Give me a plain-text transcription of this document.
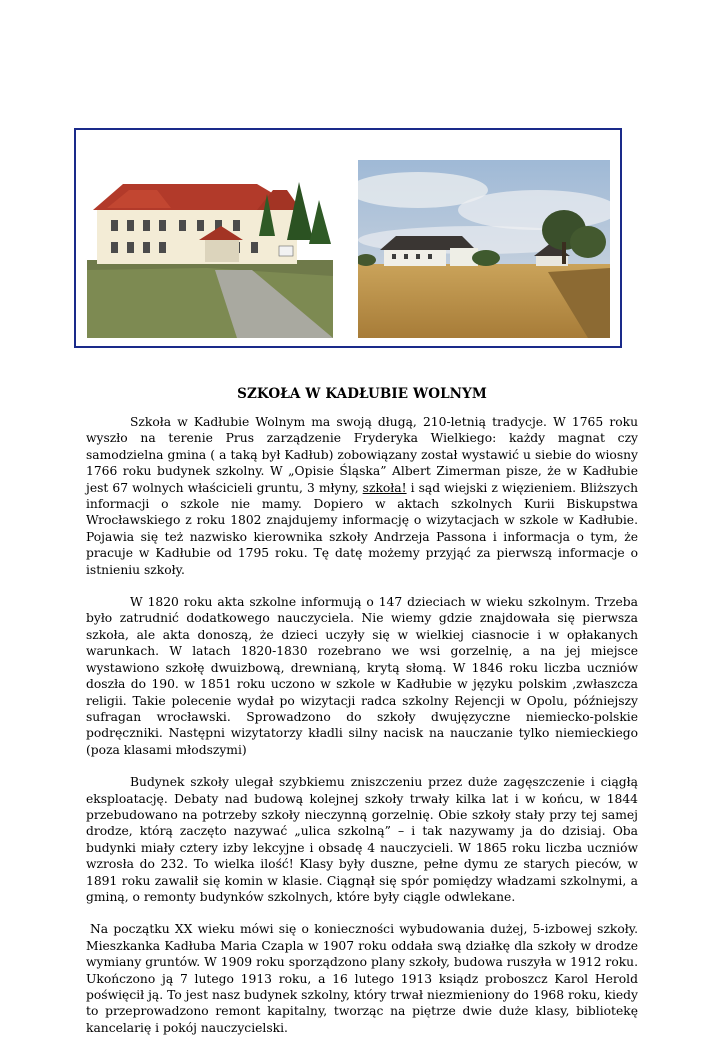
SZKOŁA W KADŁUBIE WOLNYM

Szkoła w Kadłubie Wolnym ma swoją długą, 210-letnią tradycje. W 1765 roku wyszło na terenie Prus zarządzenie Fryderyka Wielkiego: każdy magnat czy samodzielna gmina ( a taką był Kadłub) zobowiązany został wystawić u siebie do wiosny 1766 roku budynek szkolny. W „Opisie Śląska” Albert Zimerman pisze, że w Kadłubie jest 67 wolnych właścicieli gruntu, 3 młyny, szkoła! i sąd wiejski z więzieniem. Bliższych informacji o szkole nie mamy. Dopiero w aktach szkolnych Kurii Biskupstwa Wrocławskiego z roku 1802 znajdujemy informację o wizytacjach w szkole w Kadłubie. Pojawia się też nazwisko kierownika szkoły Andrzeja Passona i informacja o tym, że pracuje w Kadłubie od 1795 roku. Tę datę możemy przyjąć za pierwszą informacje o istnieniu szkoły.

W 1820 roku akta szkolne informują o 147 dzieciach w wieku szkolnym. Trzeba było zatrudnić dodatkowego nauczyciela. Nie wiemy gdzie znajdowała się pierwsza szkoła, ale akta donoszą, że dzieci uczyły się w wielkiej ciasnocie i w opłakanych warunkach. W latach 1820-1830 rozebrano we wsi gorzelnię, a na jej miejsce wystawiono szkołę dwuizbową, drewnianą, krytą słomą. W 1846 roku liczba uczniów doszła do 190. w 1851 roku uczono w szkole w Kadłubie w języku polskim ,zwłaszcza religii. Takie polecenie wydał po wizytacji radca szkolny Rejencji w Opolu, późniejszy sufragan wrocławski. Sprowadzono do szkoły dwujęzyczne niemiecko-polskie podręczniki. Następni wizytatorzy kładli silny nacisk na nauczanie tylko niemieckiego (poza klasami młodszymi)

Budynek szkoły ulegał szybkiemu zniszczeniu przez duże zagęszczenie i ciągłą eksploatację. Debaty nad budową kolejnej szkoły trwały kilka lat i w końcu, w 1844 przebudowano na potrzeby szkoły nieczynną gorzelnię. Obie szkoły stały przy tej samej drodze, którą zaczęto nazywać „ulica szkolną” – i tak nazywamy ja do dzisiaj. Oba budynki miały cztery izby lekcyjne i obsadę 4 nauczycieli. W 1865 roku liczba uczniów wzrosła do 232. To wielka ilość! Klasy były duszne, pełne dymu ze starych pieców, w 1891 roku zawalił się komin w klasie. Ciągnął się spór pomiędzy władzami szkolnymi, a gminą, o remonty budynków szkolnych, które były ciągle odwlekane.

Na początku XX wieku mówi się o konieczności wybudowania dużej, 5-izbowej szkoły. Mieszkanka Kadłuba Maria Czapla w 1907 roku oddała swą działkę dla szkoły w drodze wymiany gruntów. W 1909 roku sporządzono plany szkoły, budowa ruszyła w 1912 roku. Ukończono ją 7 lutego 1913 roku, a 16 lutego 1913 ksiądz proboszcz Karol Herold poświęcił ją. To jest nasz budynek szkolny, który trwał niezmieniony do 1968 roku, kiedy to przeprowadzono remont kapitalny, tworząc na piętrze dwie duże klasy, bibliotekę kancelarię i pokój nauczycielski.
